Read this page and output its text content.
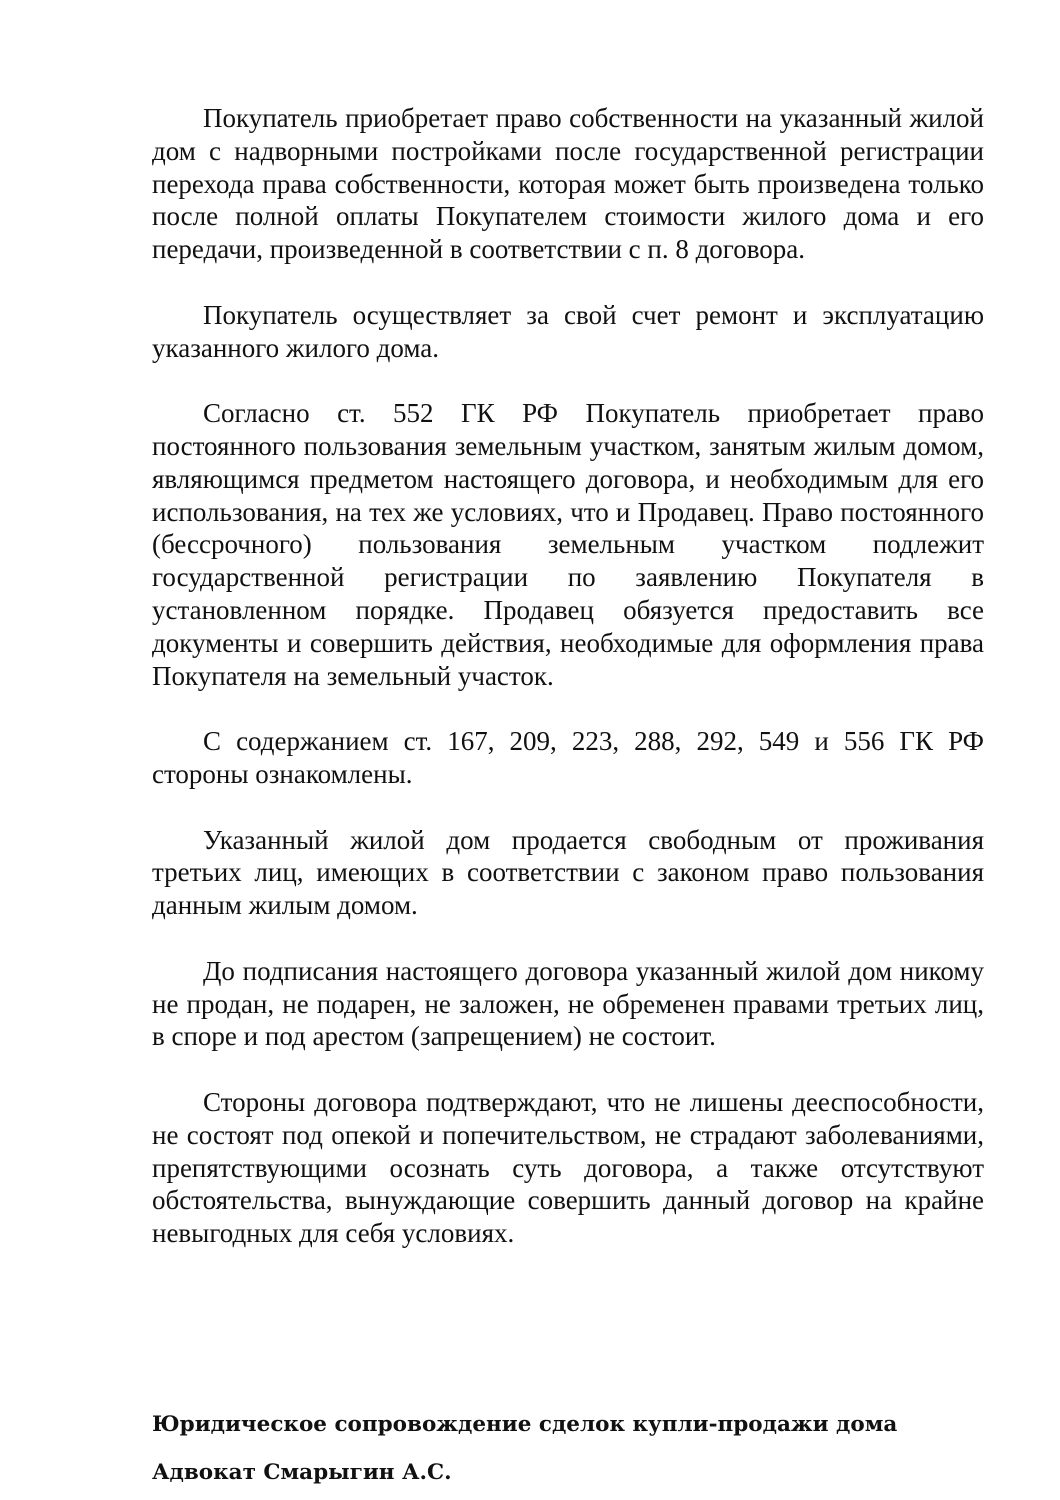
Покупатель приобретает право собственности на указанный жилой дом с надворными постройками после государственной регистрации перехода права собственности, которая может быть произведена только после полной оплаты Покупателем стоимости жилого дома и его передачи, произведенной в соответствии с п. 8 договора.

Покупатель осуществляет за свой счет ремонт и эксплуатацию указанного жилого дома.

Согласно ст. 552 ГК РФ Покупатель приобретает право постоянного пользования земельным участком, занятым жилым домом, являющимся предметом настоящего договора, и необходимым для его использования, на тех же условиях, что и Продавец. Право постоянного (бессрочного) пользования земельным участком подлежит государственной регистрации по заявлению Покупателя в установленном порядке. Продавец обязуется предоставить все документы и совершить действия, необходимые для оформления права Покупателя на земельный участок.

С содержанием ст. 167, 209, 223, 288, 292, 549 и 556 ГК РФ стороны ознакомлены.

Указанный жилой дом продается свободным от проживания третьих лиц, имеющих в соответствии с законом право пользования данным жилым домом.

До подписания настоящего договора указанный жилой дом никому не продан, не подарен, не заложен, не обременен правами третьих лиц, в споре и под арестом (запрещением) не состоит.

Стороны договора подтверждают, что не лишены дееспособности, не состоят под опекой и попечительством, не страдают заболеваниями, препятствующими осознать суть договора, а также отсутствуют обстоятельства, вынуждающие совершить данный договор на крайне невыгодных для себя условиях.

Юридическое сопровождение сделок купли-продажи дома

Адвокат Смарыгин А.С.
